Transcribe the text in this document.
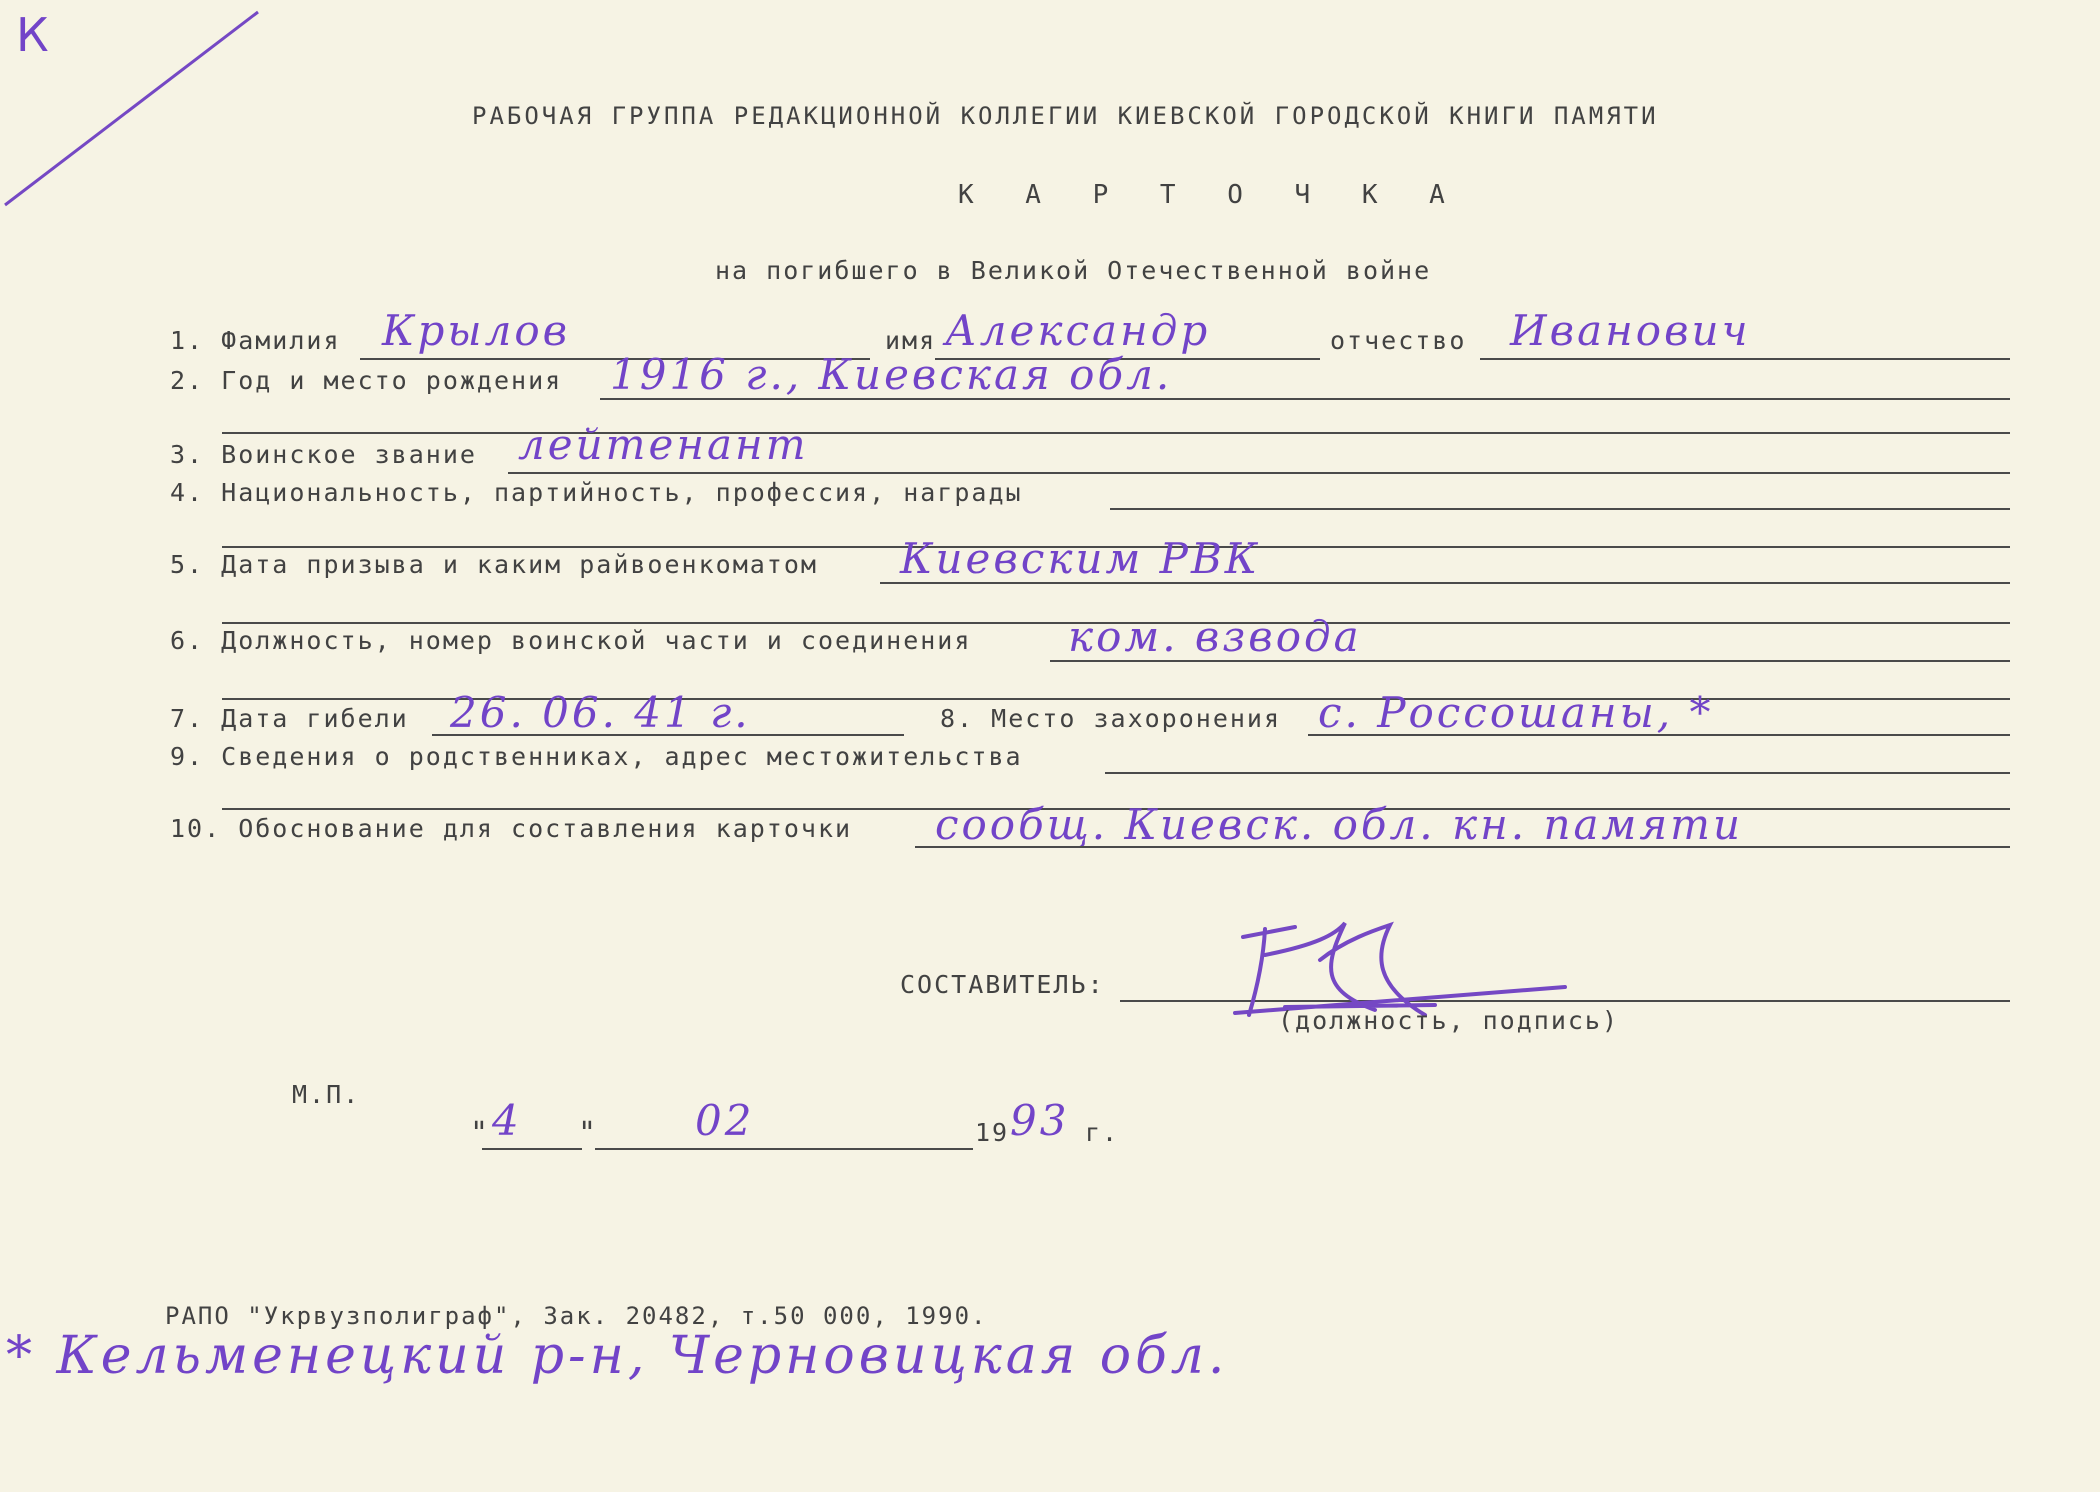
К
РАБОЧАЯ ГРУППА РЕДАКЦИОННОЙ КОЛЛЕГИИ КИЕВСКОЙ ГОРОДСКОЙ КНИГИ ПАМЯТИ
К А Р Т О Ч К А
на погибшего в Великой Отечественной войне
1. Фамилия Крылов	имя Александр	отчество Иванович
2. Год и место рождения 1916 г., Киевская обл.
3. Воинское звание лейтенант
4. Национальность, партийность, профессия, награды
5. Дата призыва и каким райвоенкоматом Киевским РВК
6. Должность, номер воинской части и соединения ком. взвода
7. Дата гибели 26. 06. 41 г.	8. Место захоронения с. Россошаны, *
9. Сведения о родственниках, адрес местожительства
10. Обоснование для составления карточки сообщ. Киевск. обл. кн. памяти
СОСТАВИТЕЛЬ:
(должность, подпись)
М.П.
" 4 " 02	19 93 г.
РАПО "Укрвузполиграф", Зак. 20482, т.50 000, 1990.
* Кельменецкий р-н, Черновицкая обл.
